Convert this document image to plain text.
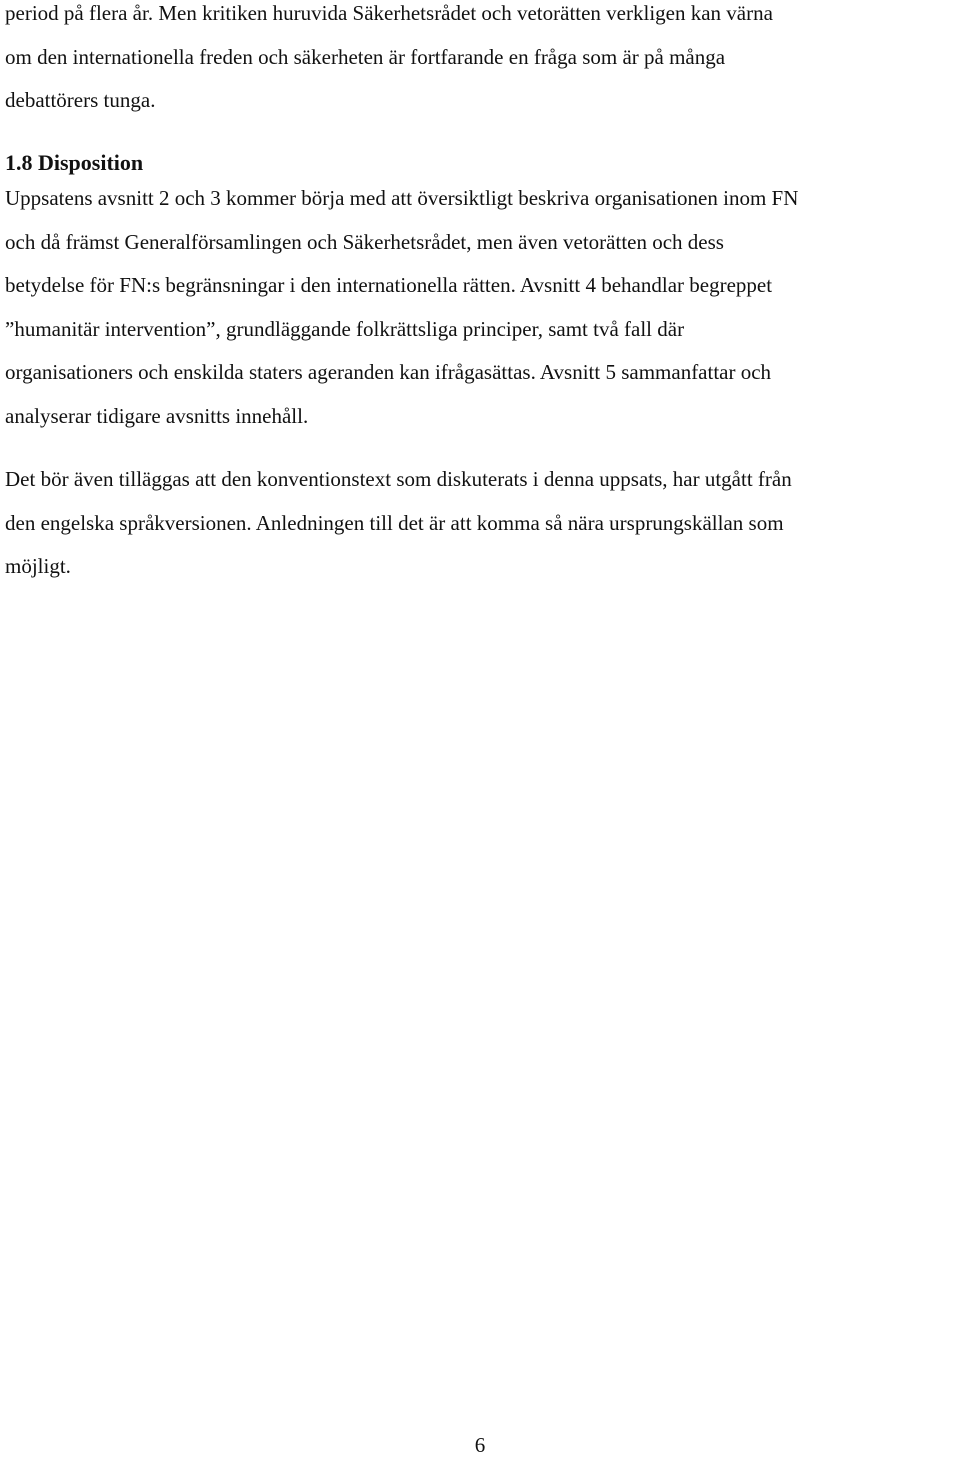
period på flera år. Men kritiken huruvida Säkerhetsrådet och vetorätten verkligen kan värna
om den internationella freden och säkerheten är fortfarande en fråga som är på många
debattörers tunga.

1.8 Disposition

Uppsatens avsnitt 2 och 3 kommer börja med att översiktligt beskriva organisationen inom FN
och då främst Generalförsamlingen och Säkerhetsrådet, men även vetorätten och dess
betydelse för FN:s begränsningar i den internationella rätten. Avsnitt 4 behandlar begreppet
”humanitär intervention”, grundläggande folkrättsliga principer, samt två fall där
organisationers och enskilda staters ageranden kan ifrågasättas. Avsnitt 5 sammanfattar och
analyserar tidigare avsnitts innehåll.

Det bör även tilläggas att den konventionstext som diskuterats i denna uppsats, har utgått från
den engelska språkversionen. Anledningen till det är att komma så nära ursprungskällan som
möjligt.

6
